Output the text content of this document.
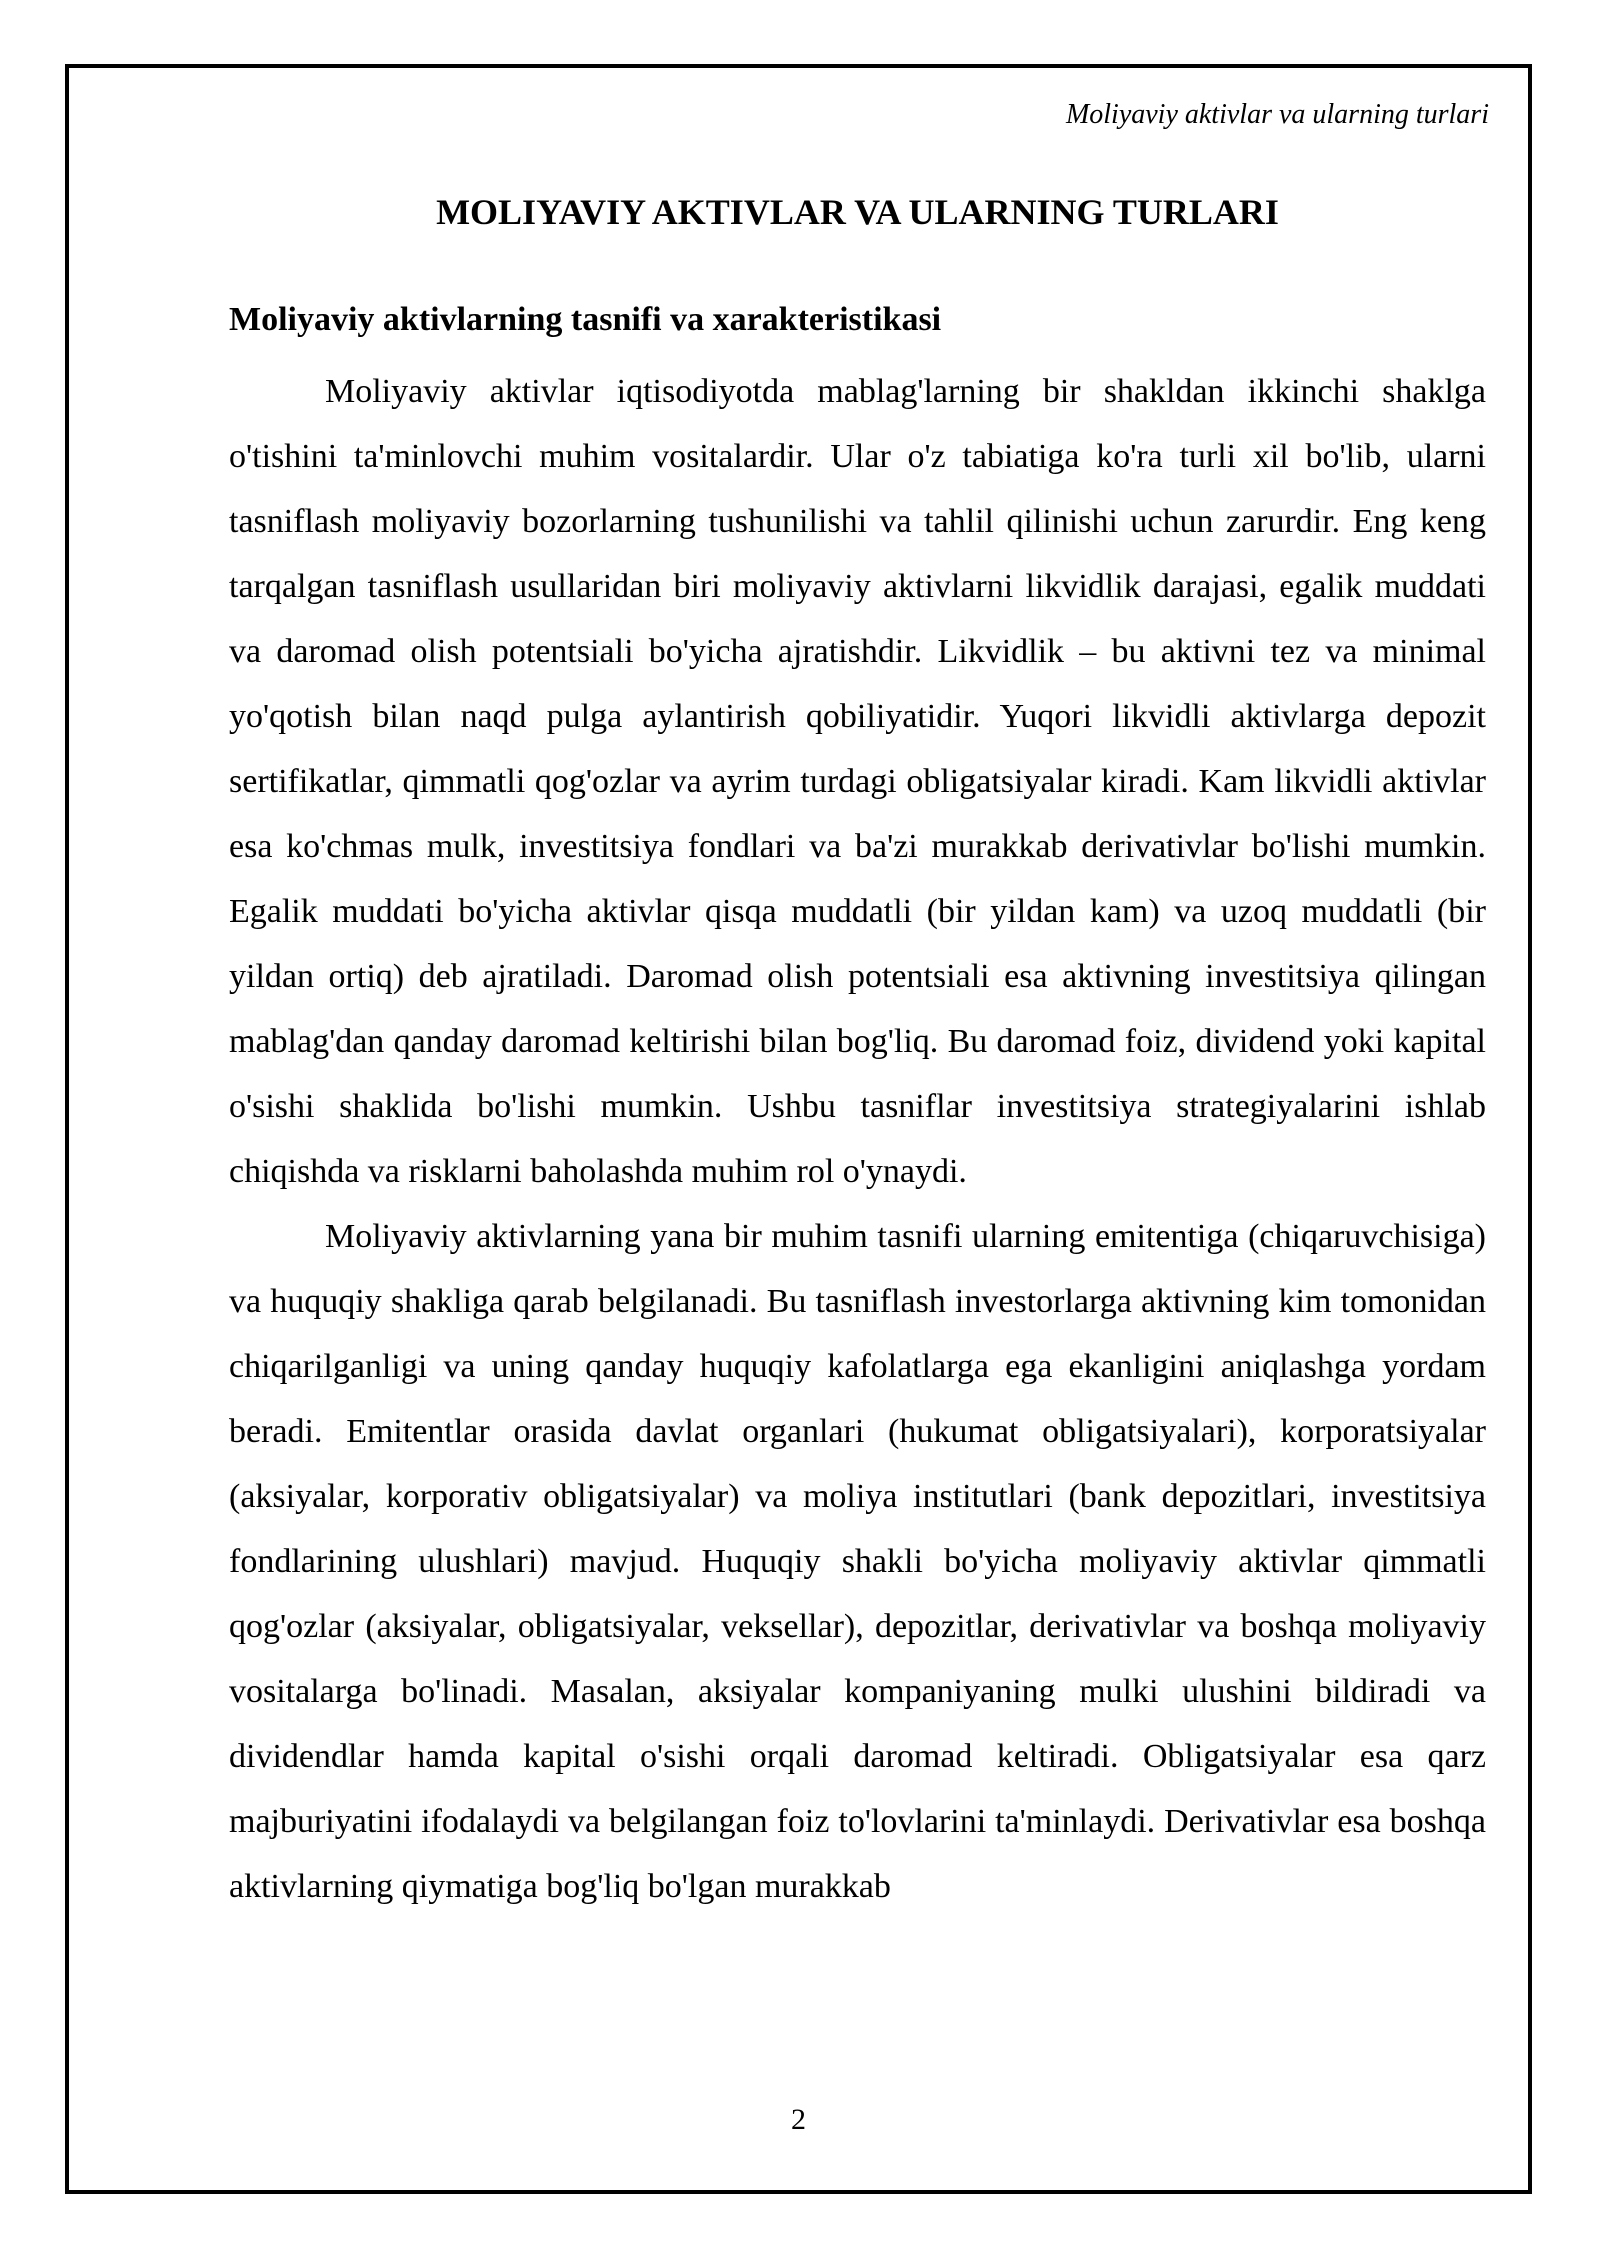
Moliyaviy aktivlar va ularning turlari
MOLIYAVIY AKTIVLAR VA ULARNING TURLARI
Moliyaviy aktivlarning tasnifi va xarakteristikasi

Moliyaviy aktivlar iqtisodiyotda mablag'larning bir shakldan ikkinchi shaklga o'tishini ta'minlovchi muhim vositalardir. Ular o'z tabiatiga ko'ra turli xil bo'lib, ularni tasniflash moliyaviy bozorlarning tushunilishi va tahlil qilinishi uchun zarurdir. Eng keng tarqalgan tasniflash usullaridan biri moliyaviy aktivlarni likvidlik darajasi, egalik muddati va daromad olish potentsiali bo'yicha ajratishdir. Likvidlik – bu aktivni tez va minimal yo'qotish bilan naqd pulga aylantirish qobiliyatidir. Yuqori likvidli aktivlarga depozit sertifikatlar, qimmatli qog'ozlar va ayrim turdagi obligatsiyalar kiradi. Kam likvidli aktivlar esa ko'chmas mulk, investitsiya fondlari va ba'zi murakkab derivativlar bo'lishi mumkin. Egalik muddati bo'yicha aktivlar qisqa muddatli (bir yildan kam) va uzoq muddatli (bir yildan ortiq) deb ajratiladi. Daromad olish potentsiali esa aktivning investitsiya qilingan mablag'dan qanday daromad keltirishi bilan bog'liq. Bu daromad foiz, dividend yoki kapital o'sishi shaklida bo'lishi mumkin. Ushbu tasniflar investitsiya strategiyalarini ishlab chiqishda va risklarni baholashda muhim rol o'ynaydi.

Moliyaviy aktivlarning yana bir muhim tasnifi ularning emitentiga (chiqaruvchisiga) va huquqiy shakliga qarab belgilanadi. Bu tasniflash investorlarga aktivning kim tomonidan chiqarilganligi va uning qanday huquqiy kafolatlarga ega ekanligini aniqlashga yordam beradi. Emitentlar orasida davlat organlari (hukumat obligatsiyalari), korporatsiyalar (aksiyalar, korporativ obligatsiyalar) va moliya institutlari (bank depozitlari, investitsiya fondlarining ulushlari) mavjud. Huquqiy shakli bo'yicha moliyaviy aktivlar qimmatli qog'ozlar (aksiyalar, obligatsiyalar, veksellar), depozitlar, derivativlar va boshqa moliyaviy vositalarga bo'linadi. Masalan, aksiyalar kompaniyaning mulki ulushini bildiradi va dividendlar hamda kapital o'sishi orqali daromad keltiradi. Obligatsiyalar esa qarz majburiyatini ifodalaydi va belgilangan foiz to'lovlarini ta'minlaydi. Derivativlar esa boshqa aktivlarning qiymatiga bog'liq bo'lgan murakkab

2
